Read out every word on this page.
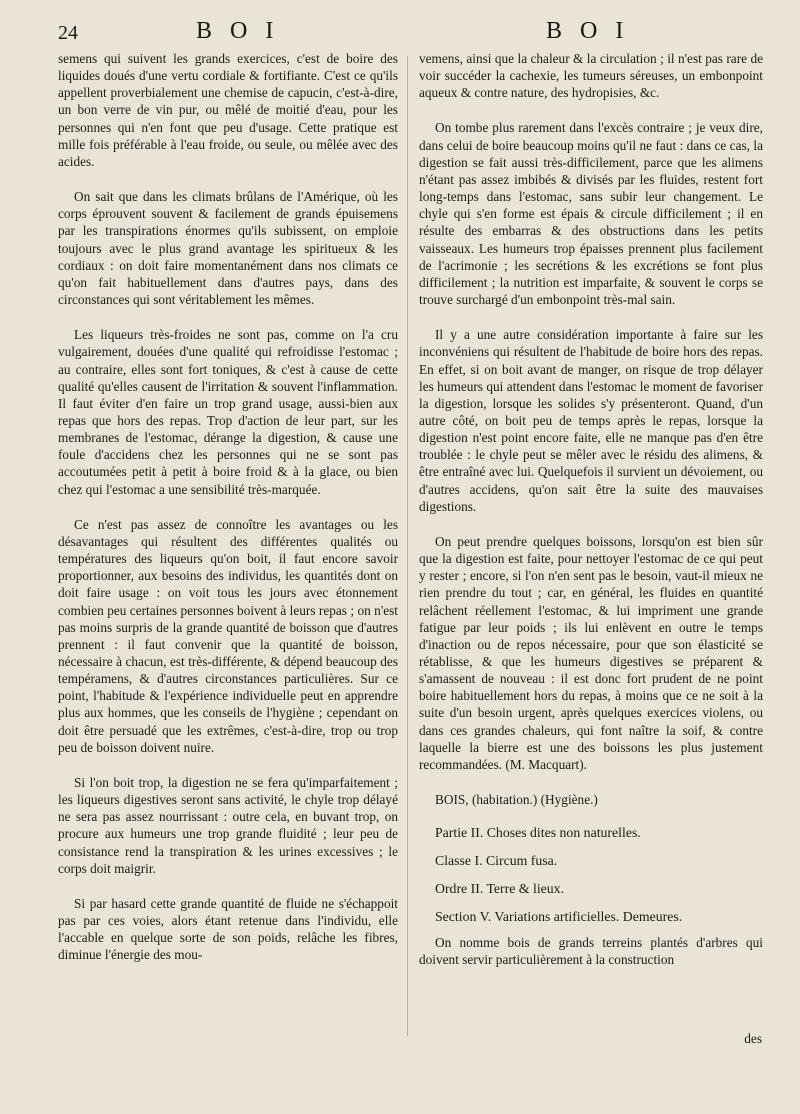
24	B O I	B O I

semens qui suivent les grands exercices, c'est de boire des liquides doués d'une vertu cordiale & fortifiante. C'est ce qu'ils appellent proverbialement une chemise de capucin, c'est-à-dire, un bon verre de vin pur, ou mêlé de moitié d'eau, pour les personnes qui n'en font que peu d'usage. Cette pratique est mille fois préférable à l'eau froide, ou seule, ou mêlée avec des acides.

On sait que dans les climats brûlans de l'Amérique, où les corps éprouvent souvent & facilement de grands épuisemens par les transpirations énormes qu'ils subissent, on emploie toujours avec le plus grand avantage les spiritueux & les cordiaux : on doit faire momentanément dans nos climats ce qu'on fait habituellement dans d'autres pays, dans des circonstances qui sont véritablement les mêmes.

Les liqueurs très-froides ne sont pas, comme on l'a cru vulgairement, douées d'une qualité qui refroidisse l'estomac ; au contraire, elles sont fort toniques, & c'est à cause de cette qualité qu'elles causent de l'irritation & souvent l'inflammation. Il faut éviter d'en faire un trop grand usage, aussi-bien aux repas que hors des repas. Trop d'action de leur part, sur les membranes de l'estomac, dérange la digestion, & cause une foule d'accidens chez les personnes qui ne se sont pas accoutumées petit à petit à boire froid & à la glace, ou bien chez qui l'estomac a une sensibilité très-marquée.

Ce n'est pas assez de connoître les avantages ou les désavantages qui résultent des différentes qualités ou températures des liqueurs qu'on boit, il faut encore savoir proportionner, aux besoins des individus, les quantités dont on doit faire usage : on voit tous les jours avec étonnement combien peu certaines personnes boivent à leurs repas ; on n'est pas moins surpris de la grande quantité de boisson que d'autres prennent : il faut convenir que la quantité de boisson, nécessaire à chacun, est très-différente, & dépend beaucoup des tempéramens, & d'autres circonstances particulières. Sur ce point, l'habitude & l'expérience individuelle peut en apprendre plus aux hommes, que les conseils de l'hygiène ; cependant on doit être persuadé que les extrêmes, c'est-à-dire, trop ou trop peu de boisson doivent nuire.

Si l'on boit trop, la digestion ne se fera qu'imparfaitement ; les liqueurs digestives seront sans activité, le chyle trop délayé ne sera pas assez nourrissant : outre cela, en buvant trop, on procure aux humeurs une trop grande fluidité ; leur peu de consistance rend la transpiration & les urines excessives ; le corps doit maigrir.

Si par hasard cette grande quantité de fluide ne s'échappoit pas par ces voies, alors étant retenue dans l'individu, elle l'accable en quelque sorte de son poids, relâche les fibres, diminue l'énergie des mou-

vemens, ainsi que la chaleur & la circulation ; il n'est pas rare de voir succéder la cachexie, les tumeurs séreuses, un embonpoint aqueux & contre nature, des hydropisies, &c.

On tombe plus rarement dans l'excès contraire ; je veux dire, dans celui de boire beaucoup moins qu'il ne faut : dans ce cas, la digestion se fait aussi très-difficilement, parce que les alimens n'étant pas assez imbibés & divisés par les fluides, restent fort long-temps dans l'estomac, sans subir leur changement. Le chyle qui s'en forme est épais & circule difficilement ; il en résulte des embarras & des obstructions dans les petits vaisseaux. Les humeurs trop épaisses prennent plus facilement de l'acrimonie ; les secrétions & les excrétions se font plus difficilement ; la nutrition est imparfaite, & souvent le corps se trouve surchargé d'un embonpoint très-mal sain.

Il y a une autre considération importante à faire sur les inconvéniens qui résultent de l'habitude de boire hors des repas. En effet, si on boit avant de manger, on risque de trop délayer les humeurs qui attendent dans l'estomac le moment de favoriser la digestion, lorsque les solides s'y présenteront. Quand, d'un autre côté, on boit peu de temps après le repas, lorsque la digestion n'est point encore faite, elle ne manque pas d'en être troublée : le chyle peut se mêler avec le résidu des alimens, & être entraîné avec lui. Quelquefois il survient un dévoiement, ou d'autres accidens, qu'on sait être la suite des mauvaises digestions.

On peut prendre quelques boissons, lorsqu'on est bien sûr que la digestion est faite, pour nettoyer l'estomac de ce qui peut y rester ; encore, si l'on n'en sent pas le besoin, vaut-il mieux ne rien prendre du tout ; car, en général, les fluides en quantité relâchent réellement l'estomac, & lui impriment une grande fatigue par leur poids ; ils lui enlèvent en outre le temps d'inaction ou de repos nécessaire, pour que son élasticité se rétablisse, & que les humeurs digestives se préparent & s'amassent de nouveau : il est donc fort prudent de ne point boire habituellement hors du repas, à moins que ce ne soit à la suite d'un besoin urgent, après quelques exercices violens, ou dans ces grandes chaleurs, qui font naître la soif, & contre laquelle la bierre est une des boissons les plus justement recommandées. (M. Macquart).

BOIS, (habitation.) (Hygiène.)
Partie II. Choses dites non naturelles.
Classe I. Circum fusa.
Ordre II. Terre & lieux.
Section V. Variations artificielles. Demeures.

On nomme bois de grands terreins plantés d'arbres qui doivent servir particulièrement à la construction

des
